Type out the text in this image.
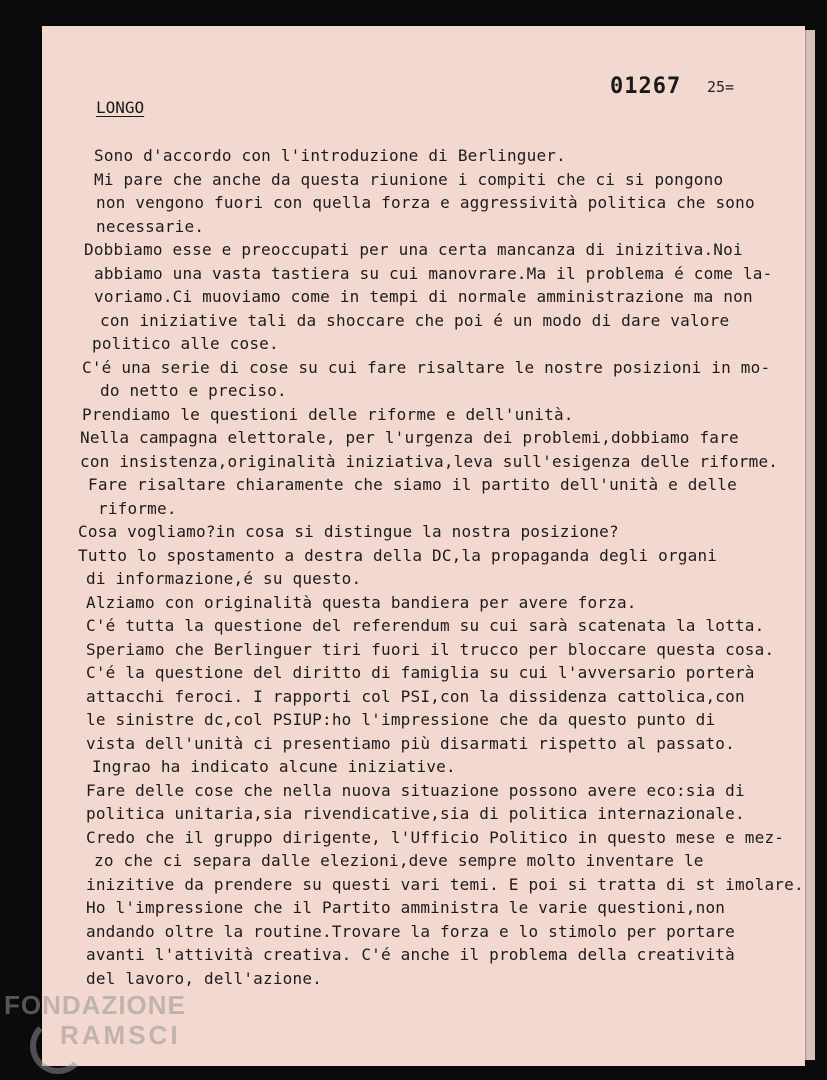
01267 25=
LONGO
Sono d'accordo con l'introduzione di Berlinguer.
Mi pare che anche da questa riunione i compiti che ci si pongono
non vengono fuori con quella forza e aggressività politica che sono
necessarie.
Dobbiamo esse e preoccupati per una certa mancanza di inizitiva.Noi
abbiamo una vasta tastiera su cui manovrare.Ma il problema é come la-
voriamo.Ci muoviamo come in tempi di normale amministrazione ma non
con iniziative tali da shoccare che poi é un modo di dare valore
politico alle cose.
C'é una serie di cose su cui fare risaltare le nostre posizioni in mo-
do netto e preciso.
Prendiamo le questioni delle riforme e dell'unità.
Nella campagna elettorale, per l'urgenza dei problemi,dobbiamo fare
con insistenza,originalità iniziativa,leva sull'esigenza delle riforme.
Fare risaltare chiaramente che siamo il partito dell'unità e delle
riforme.
Cosa vogliamo?in cosa si distingue la nostra posizione?
Tutto lo spostamento a destra della DC,la propaganda degli organi
di informazione,é su questo.
Alziamo con originalità questa bandiera per avere forza.
C'é tutta la questione del referendum su cui sarà scatenata la lotta.
Speriamo che Berlinguer tiri fuori il trucco per bloccare questa cosa.
C'é la questione del diritto di famiglia su cui l'avversario porterà
attacchi feroci. I rapporti col PSI,con la dissidenza cattolica,con
le sinistre dc,col PSIUP:ho l'impressione che da questo punto di
vista dell'unità ci presentiamo più disarmati rispetto al passato.
Ingrao ha indicato alcune iniziative.
Fare delle cose che nella nuova situazione possono avere eco:sia di
politica unitaria,sia rivendicative,sia di politica internazionale.
Credo che il gruppo dirigente, l'Ufficio Politico in questo mese e mez-
zo che ci separa dalle elezioni,deve sempre molto inventare le
inizitive da prendere su questi vari temi. E poi si tratta di st imolare.
Ho l'impressione che il Partito amministra le varie questioni,non
andando oltre la routine.Trovare la forza e lo stimolo per portare
avanti l'attività creativa. C'é anche il problema della creatività
del lavoro, dell'azione.
FONDAZIONE
RAMSCI
